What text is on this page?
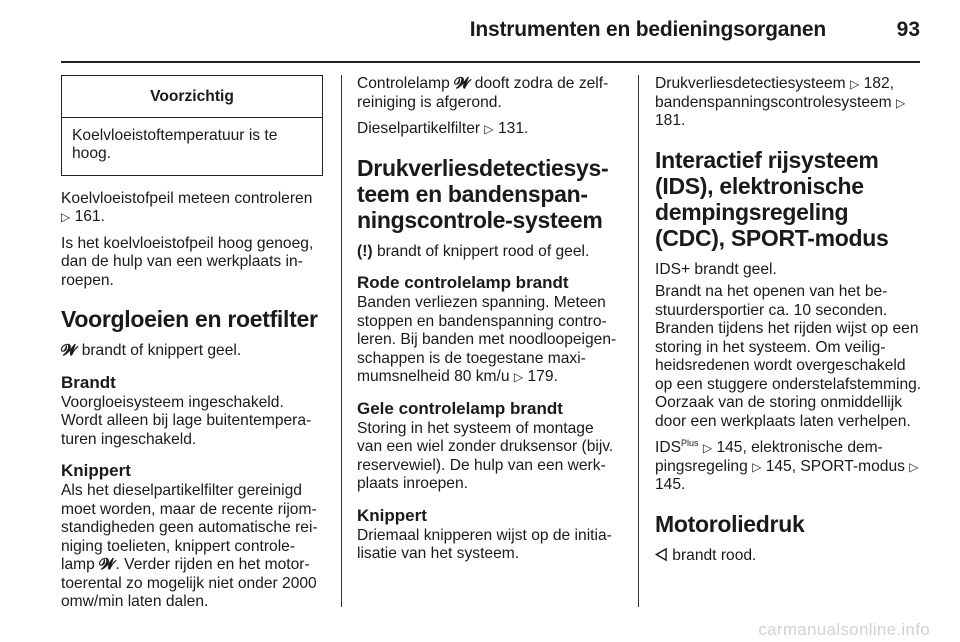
Instrumenten en bedieningsorganen	93
Voorzichtig
Koelvloeistoftemperatuur is te hoog.

Koelvloeistofpeil meteen controleren ▷ 161.

Is het koelvloeistofpeil hoog genoeg, dan de hulp van een werkplaats inroepen.

Voorgloeien en roetfilter

𝓦 brandt of knippert geel.

Brandt

Voorgloeisysteem ingeschakeld. Wordt alleen bij lage buitentemperaturen ingeschakeld.

Knippert

Als het dieselpartikelfilter gereinigd moet worden, maar de recente rijomstandigheden geen automatische reiniging toelieten, knippert controlelamp 𝓦. Verder rijden en het motortoerental zo mogelijk niet onder 2000 omw/min laten dalen.

Controlelamp 𝓦 dooft zodra de zelfreiniging is afgerond.

Dieselpartikelfilter ▷ 131.

Drukverliesdetectiesysteem en bandenspanningscontrole-systeem

(!) brandt of knippert rood of geel.

Rode controlelamp brandt

Banden verliezen spanning. Meteen stoppen en bandenspanning controleren. Bij banden met noodloopeigenschappen is de toegestane maximumsnelheid 80 km/u ▷ 179.

Gele controlelamp brandt

Storing in het systeem of montage van een wiel zonder druksensor (bijv. reservewiel). De hulp van een werkplaats inroepen.

Knippert

Driemaal knipperen wijst op de initialisatie van het systeem.

Drukverliesdetectiesysteem ▷ 182, bandenspanningscontrolesysteem ▷ 181.

Interactief rijsysteem (IDS), elektronische dempingsregeling (CDC), SPORT-modus

IDS+ brandt geel.

Brandt na het openen van het bestuurdersportier ca. 10 seconden. Branden tijdens het rijden wijst op een storing in het systeem. Om veiligheidsredenen wordt overgeschakeld op een stuggere onderstelafstemming. Oorzaak van de storing onmiddellijk door een werkplaats laten verhelpen.

$IDS^{Plus}$ ▷ 145, elektronische dempingsregeling ▷ 145, SPORT-modus ▷ 145.

Motoroliedruk

⨞ brandt rood.

carmanualsonline.info
